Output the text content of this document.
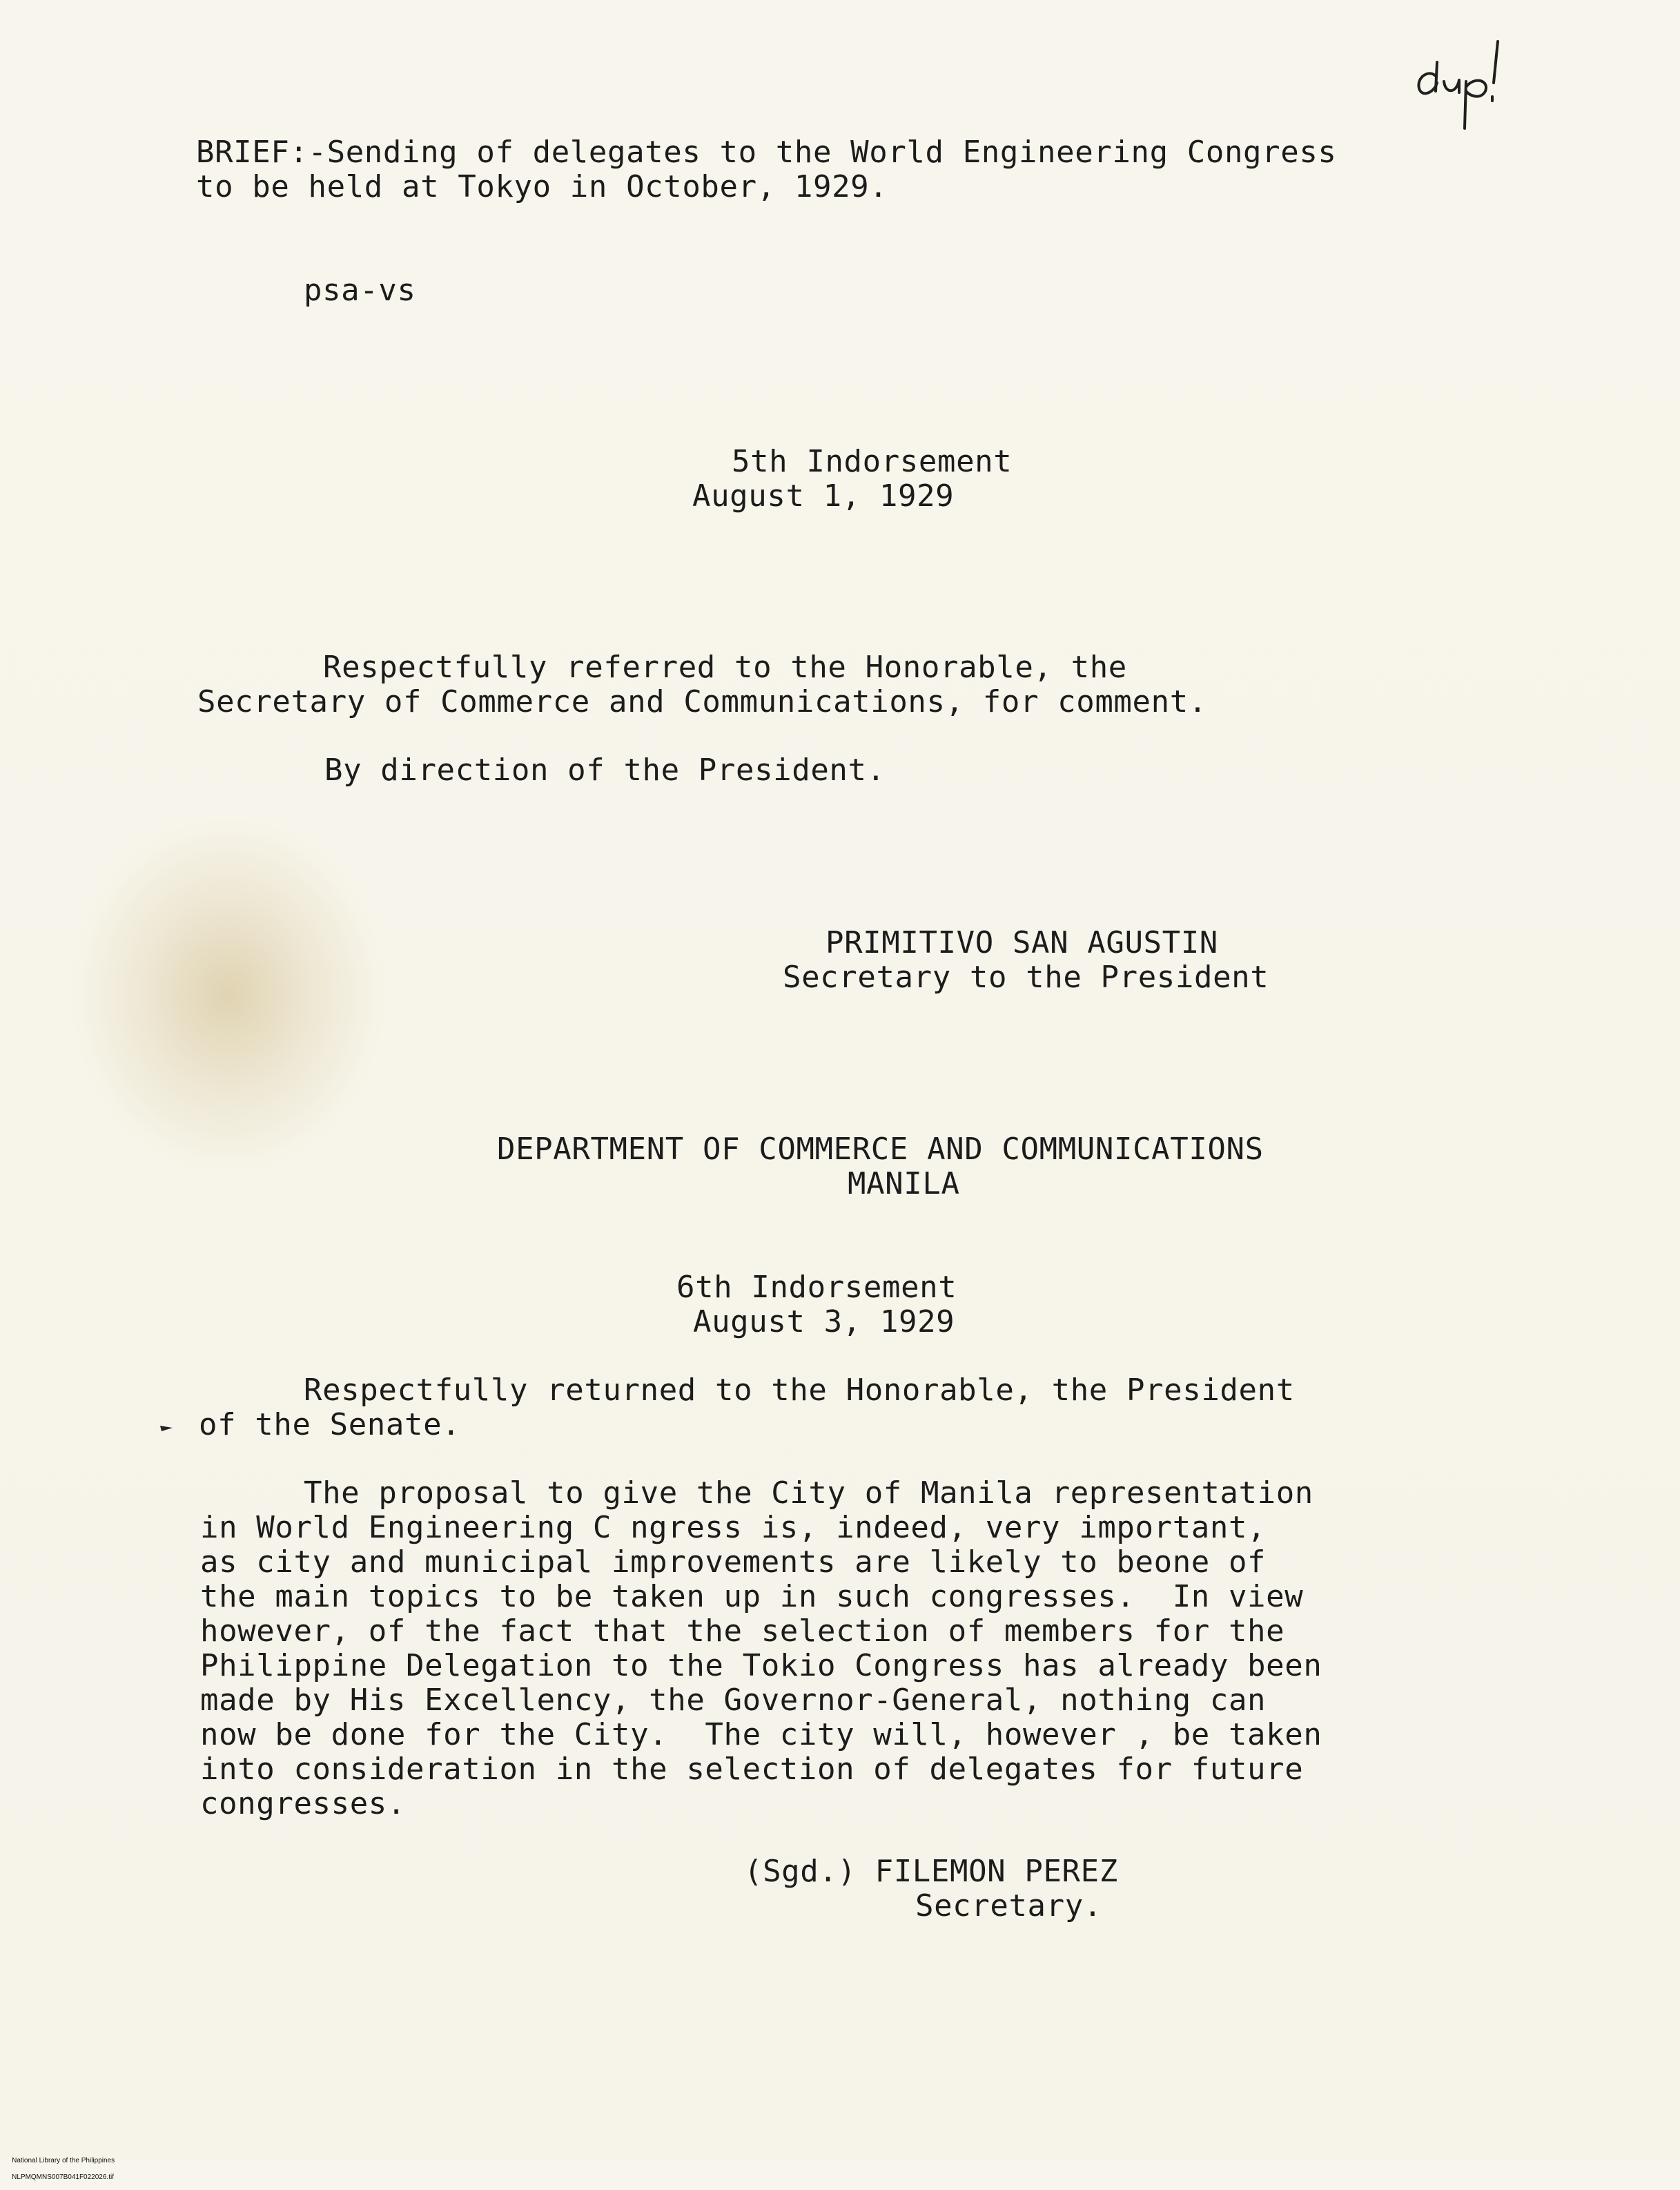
BRIEF:-Sending of delegates to the World Engineering Congress

to be held at Tokyo in October, 1929.

psa-vs

5th Indorsement

August 1, 1929

Respectfully referred to the Honorable, the

Secretary of Commerce and Communications, for comment.

By direction of the President.

PRIMITIVO SAN AGUSTIN

Secretary to the President

DEPARTMENT OF COMMERCE AND COMMUNICATIONS

MANILA

6th Indorsement

August 3, 1929

Respectfully returned to the Honorable, the President

of the Senate.

The proposal to give the City of Manila representation

in World Engineering C ngress is, indeed, very important,

as city and municipal improvements are likely to beone of

the main topics to be taken up in such congresses.  In view

however, of the fact that the selection of members for the

Philippine Delegation to the Tokio Congress has already been

made by His Excellency, the Governor-General, nothing can

now be done for the City.  The city will, however , be taken

into consideration in the selection of delegates for future

congresses.

(Sgd.) FILEMON PEREZ

Secretary.

National Library of the Philippines

NLPMQMNS007B041F022026.tif
